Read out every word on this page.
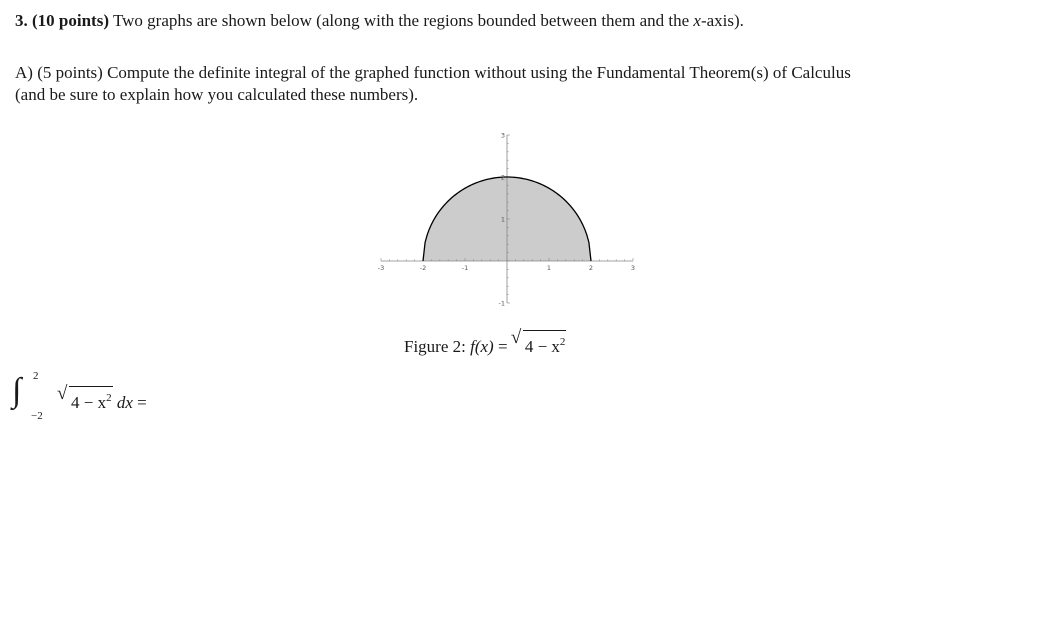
3. (10 points) Two graphs are shown below (along with the regions bounded between them and the x-axis).
A) (5 points) Compute the definite integral of the graphed function without using the Fundamental Theorem(s) of Calculus
(and be sure to explain how you calculated these numbers).
-3	-2	-1	1	2	3
-1
1
2
3
Figure 2: f(x) = √ $4 - x^2$
∫ 2
−2
√ $4 - x^2$ dx =
